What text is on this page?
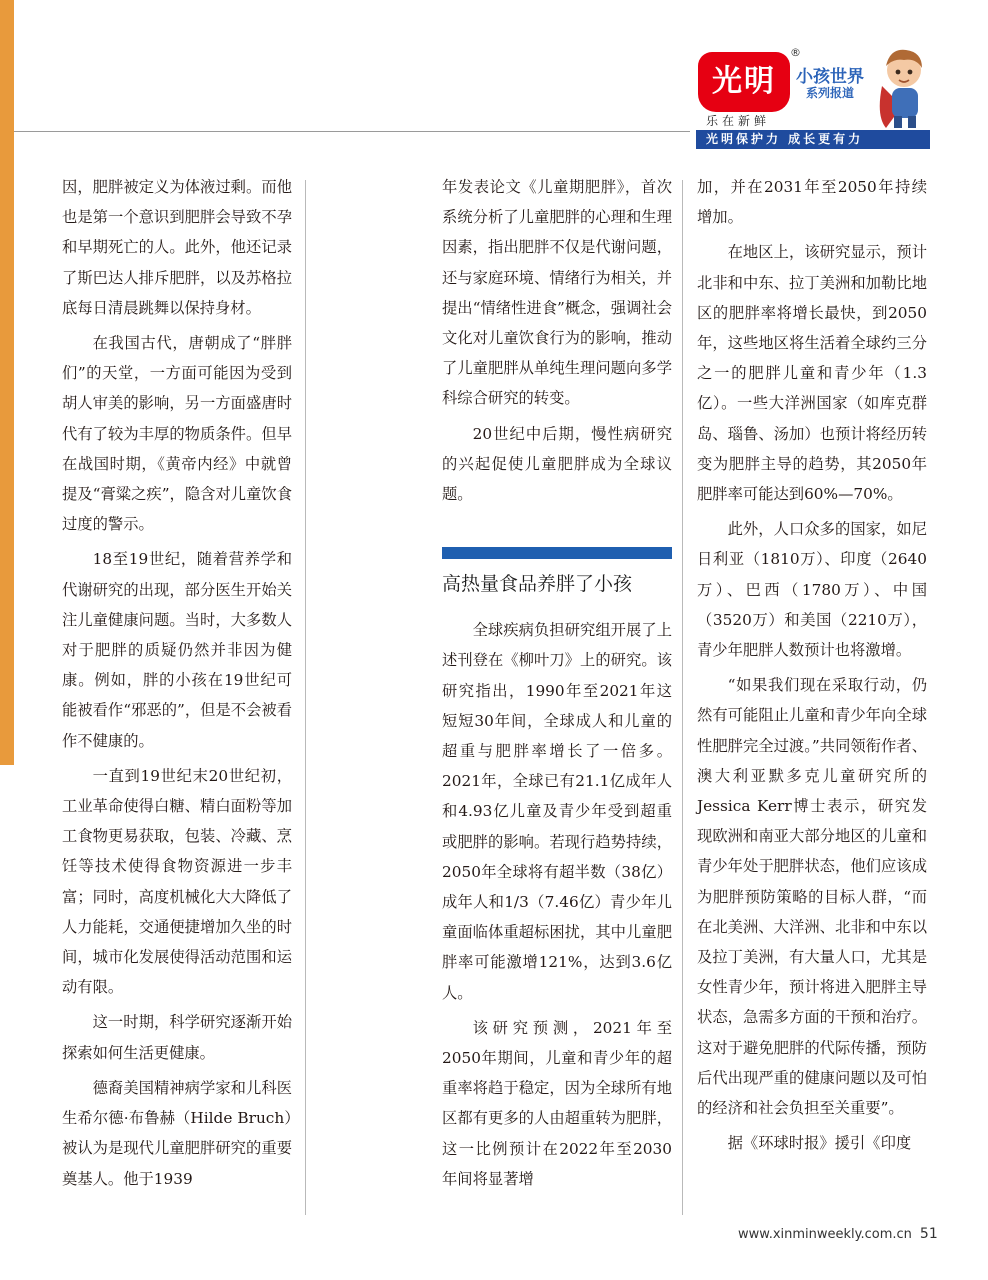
光明
®
小孩世界
系列报道
乐在新鲜
光明保护力 成长更有力

因，肥胖被定义为体液过剩。而他也是第一个意识到肥胖会导致不孕和早期死亡的人。此外，他还记录了斯巴达人排斥肥胖，以及苏格拉底每日清晨跳舞以保持身材。

在我国古代，唐朝成了“胖胖们”的天堂，一方面可能因为受到胡人审美的影响，另一方面盛唐时代有了较为丰厚的物质条件。但早在战国时期，《黄帝内经》中就曾提及“膏粱之疾”，隐含对儿童饮食过度的警示。

18至19世纪，随着营养学和代谢研究的出现，部分医生开始关注儿童健康问题。当时，大多数人对于肥胖的质疑仍然并非因为健康。例如，胖的小孩在19世纪可能被看作“邪恶的”，但是不会被看作不健康的。

一直到19世纪末20世纪初，工业革命使得白糖、精白面粉等加工食物更易获取，包装、冷藏、烹饪等技术使得食物资源进一步丰富；同时，高度机械化大大降低了人力能耗，交通便捷增加久坐的时间，城市化发展使得活动范围和运动有限。

这一时期，科学研究逐渐开始探索如何生活更健康。

德裔美国精神病学家和儿科医生希尔德·布鲁赫（Hilde Bruch）被认为是现代儿童肥胖研究的重要奠基人。他于1939

年发表论文《儿童期肥胖》，首次系统分析了儿童肥胖的心理和生理因素，指出肥胖不仅是代谢问题，还与家庭环境、情绪行为相关，并提出“情绪性进食”概念，强调社会文化对儿童饮食行为的影响，推动了儿童肥胖从单纯生理问题向多学科综合研究的转变。

20世纪中后期，慢性病研究的兴起促使儿童肥胖成为全球议题。

高热量食品养胖了小孩

全球疾病负担研究组开展了上述刊登在《柳叶刀》上的研究。该研究指出，1990年至2021年这短短30年间，全球成人和儿童的超重与肥胖率增长了一倍多。2021年，全球已有21.1亿成年人和4.93亿儿童及青少年受到超重或肥胖的影响。若现行趋势持续，2050年全球将有超半数（38亿）成年人和1/3（7.46亿）青少年儿童面临体重超标困扰，其中儿童肥胖率可能激增121%，达到3.6亿人。

该研究预测，2021年至2050年期间，儿童和青少年的超重率将趋于稳定，因为全球所有地区都有更多的人由超重转为肥胖，这一比例预计在2022年至2030年间将显著增

加，并在2031年至2050年持续增加。

在地区上，该研究显示，预计北非和中东、拉丁美洲和加勒比地区的肥胖率将增长最快，到2050年，这些地区将生活着全球约三分之一的肥胖儿童和青少年（1.3亿）。一些大洋洲国家（如库克群岛、瑙鲁、汤加）也预计将经历转变为肥胖主导的趋势，其2050年肥胖率可能达到60%—70%。

此外，人口众多的国家，如尼日利亚（1810万）、印度（2640万）、巴西（1780万）、中国（3520万）和美国（2210万），青少年肥胖人数预计也将激增。

“如果我们现在采取行动，仍然有可能阻止儿童和青少年向全球性肥胖完全过渡。”共同领衔作者、澳大利亚默多克儿童研究所的Jessica Kerr博士表示，研究发现欧洲和南亚大部分地区的儿童和青少年处于肥胖状态，他们应该成为肥胖预防策略的目标人群，“而在北美洲、大洋洲、北非和中东以及拉丁美洲，有大量人口，尤其是女性青少年，预计将进入肥胖主导状态，急需多方面的干预和治疗。这对于避免肥胖的代际传播，预防后代出现严重的健康问题以及可怕的经济和社会负担至关重要”。

据《环球时报》援引《印度

www.xinminweekly.com.cn 51
